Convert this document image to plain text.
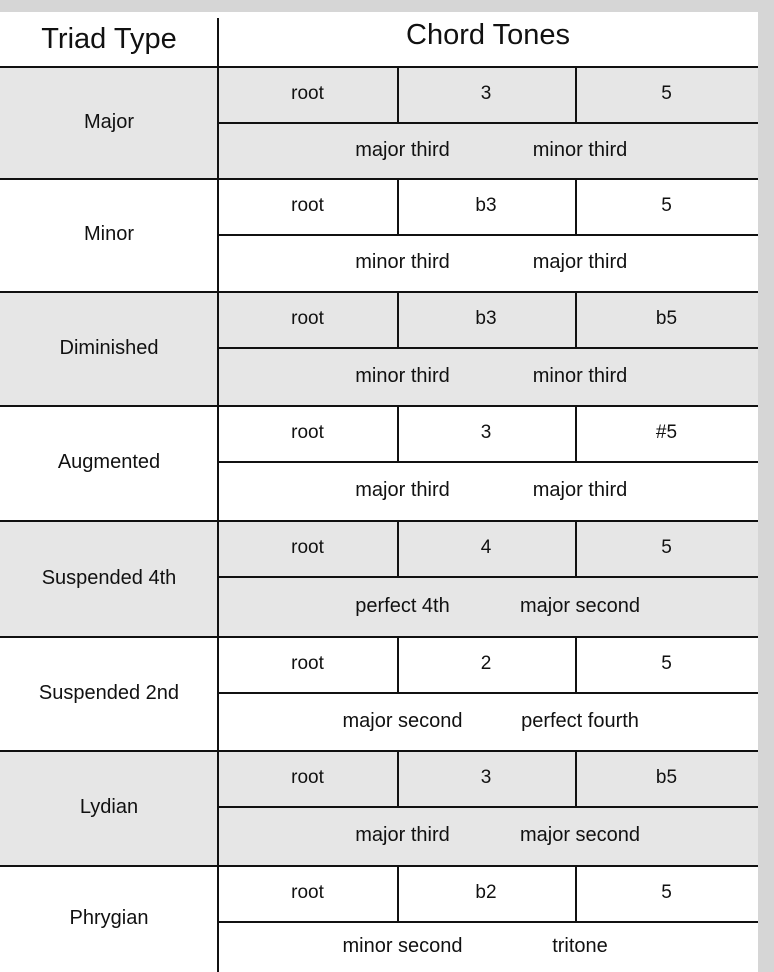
Triad Type	Chord Tones
Major
root	3	5
major third	minor third
Minor
root	b3	5
minor third	major third
Diminished
root	b3	b5
minor third	minor third
Augmented
root	3	#5
major third	major third
Suspended 4th
root	4	5
perfect 4th	major second
Suspended 2nd
root	2	5
major second	perfect fourth
Lydian
root	3	b5
major third	major second
Phrygian
root	b2	5
minor second	tritone
